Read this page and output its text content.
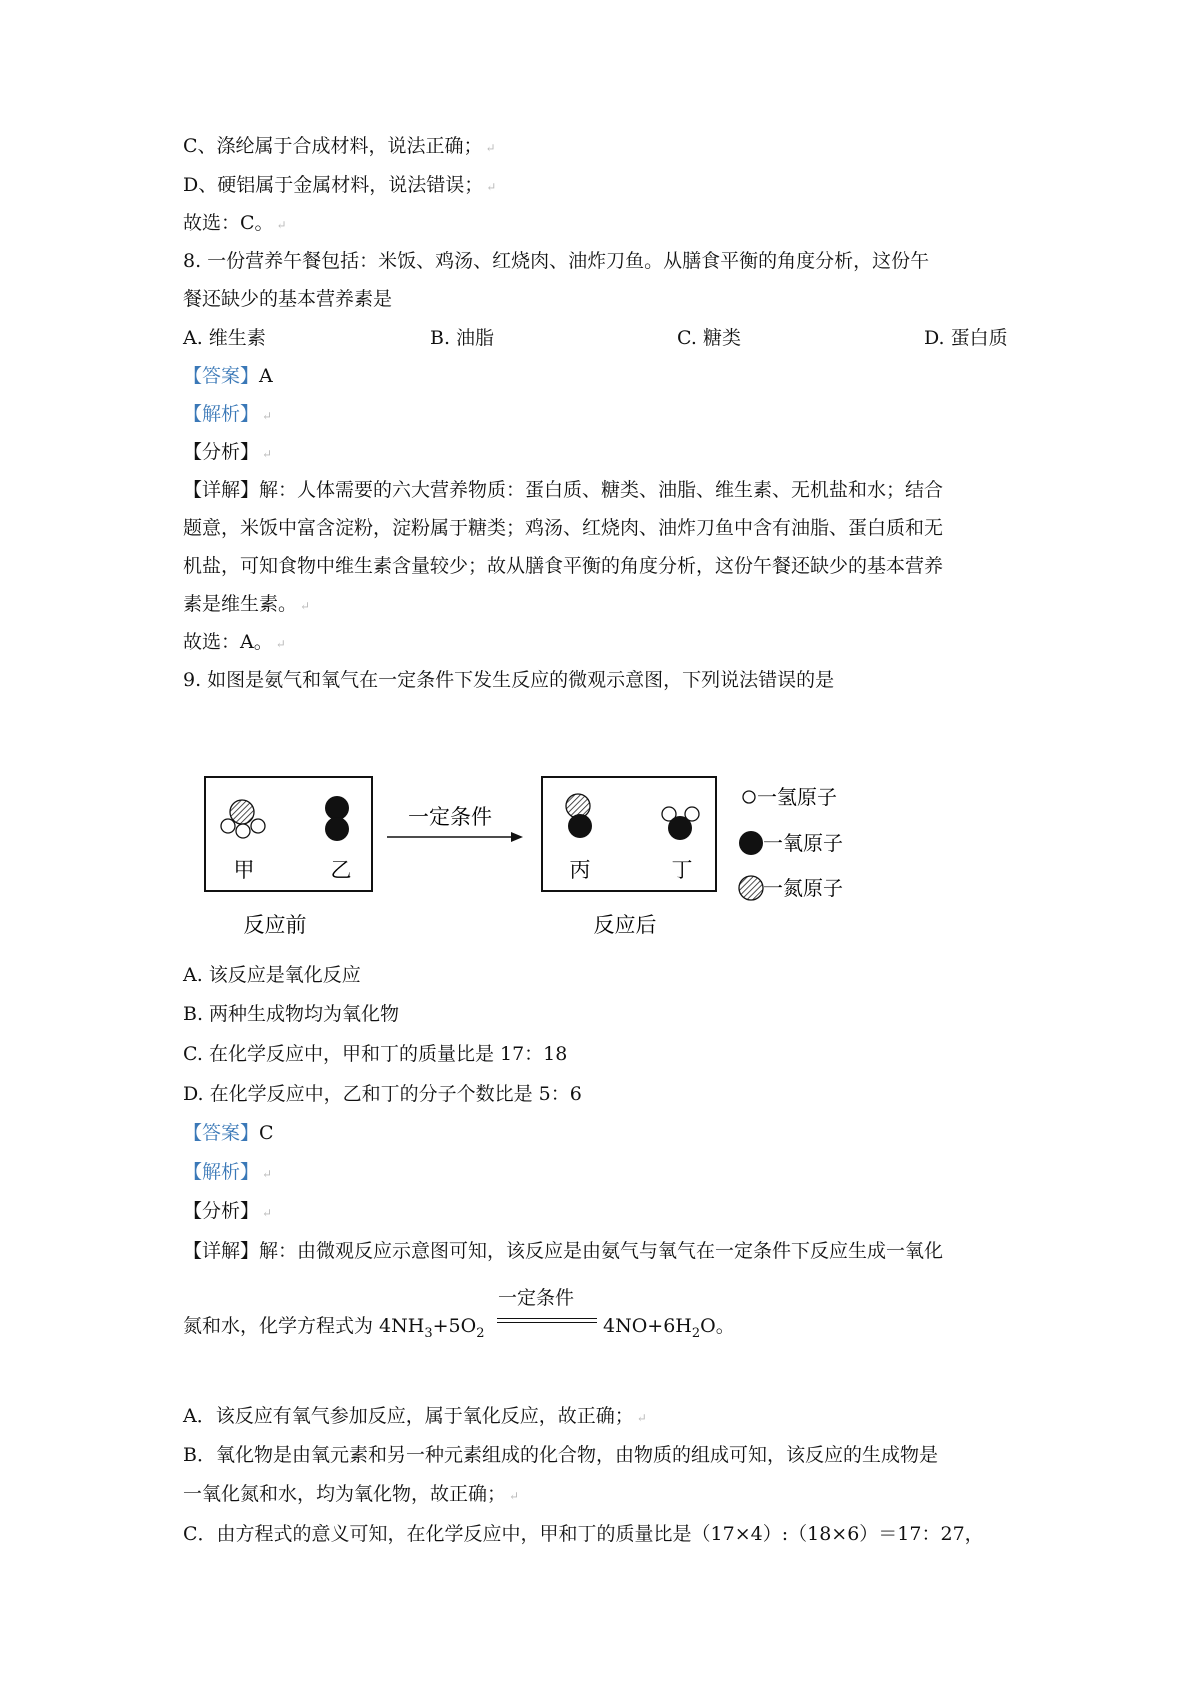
C、涤纶属于合成材料，说法正确； ↵
D、硬铝属于金属材料，说法错误； ↵
故选：C。 ↵
8. 一份营养午餐包括：米饭、鸡汤、红烧肉、油炸刀鱼。从膳食平衡的角度分析，这份午
餐还缺少的基本营养素是
A. 维生素	B. 油脂	C. 糖类	D. 蛋白质
【答案】A
【解析】 ↵
【分析】 ↵
【详解】解：人体需要的六大营养物质：蛋白质、糖类、油脂、维生素、无机盐和水；结合
题意，米饭中富含淀粉，淀粉属于糖类；鸡汤、红烧肉、油炸刀鱼中含有油脂、蛋白质和无
机盐，可知食物中维生素含量较少；故从膳食平衡的角度分析，这份午餐还缺少的基本营养
素是维生素。 ↵
故选：A。 ↵
9. 如图是氨气和氧气在一定条件下发生反应的微观示意图，下列说法错误的是
甲	乙
一定条件
丙	丁
一氢原子
一氧原子
一氮原子
反应前	反应后
A. 该反应是氧化反应
B. 两种生成物均为氧化物
C. 在化学反应中，甲和丁的质量比是 17：18
D. 在化学反应中，乙和丁的分子个数比是 5：6
【答案】C
【解析】 ↵
【分析】 ↵
【详解】解：由微观反应示意图可知，该反应是由氨气与氧气在一定条件下反应生成一氧化
氮和水，化学方程式为 $4NH_3+5O_2$
一定条件
$4NO+6H_2O$。
A．该反应有氧气参加反应，属于氧化反应，故正确； ↵
B．氧化物是由氧元素和另一种元素组成的化合物，由物质的组成可知，该反应的生成物是
一氧化氮和水，均为氧化物，故正确； ↵
C．由方程式的意义可知，在化学反应中，甲和丁的质量比是（17×4）:（18×6）＝17：27，
